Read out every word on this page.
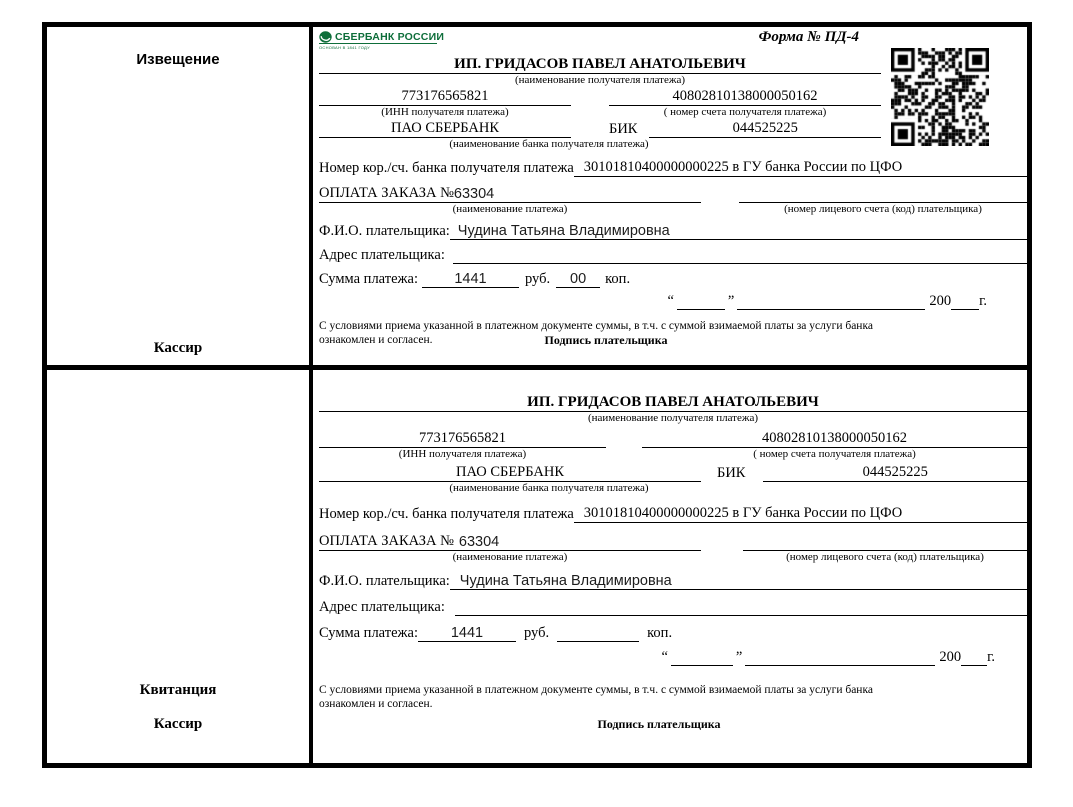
Извещение
Кассир
СБЕРБАНК РОССИИ
ОСНОВАН В 1841 ГОДУ
Форма № ПД-4
ИП. ГРИДАСОВ ПАВЕЛ АНАТОЛЬЕВИЧ
(наименование получателя платежа)
773176565821	40802810138000050162
(ИНН получателя платежа)	( номер счета получателя платежа)
ПАО СБЕРБАНК	БИК	044525225
(наименование банка получателя платежа)
Номер кор./сч. банка получателя платежа 30101810400000000225 в ГУ банка России по ЦФО
ОПЛАТА ЗАКАЗА № 63304
(наименование платежа)	(номер лицевого счета (код) плательщика)
Ф.И.О. плательщика: Чудина Татьяна Владимировна
Адрес плательщика:
Сумма платежа:	1441	руб.	00	коп.
“	”	200 г.
С условиями приема указанной в платежном документе суммы, в т.ч. с суммой взимаемой платы за услуги банка
ознакомлен и согласен.	Подпись плательщика
Квитанция
Кассир
ИП. ГРИДАСОВ ПАВЕЛ АНАТОЛЬЕВИЧ
(наименование получателя платежа)
773176565821	40802810138000050162
(ИНН получателя платежа)	( номер счета получателя платежа)
ПАО СБЕРБАНК	БИК	044525225
(наименование банка получателя платежа)
Номер кор./сч. банка получателя платежа 30101810400000000225 в ГУ банка России по ЦФО
ОПЛАТА ЗАКАЗА № 63304
(наименование платежа)	(номер лицевого счета (код) плательщика)
Ф.И.О. плательщика: Чудина Татьяна Владимировна
Адрес плательщика:
Сумма платежа:	1441	руб.	коп.
“	”	200 г.
С условиями приема указанной в платежном документе суммы, в т.ч. с суммой взимаемой платы за услуги банка
ознакомлен и согласен.
Подпись плательщика
